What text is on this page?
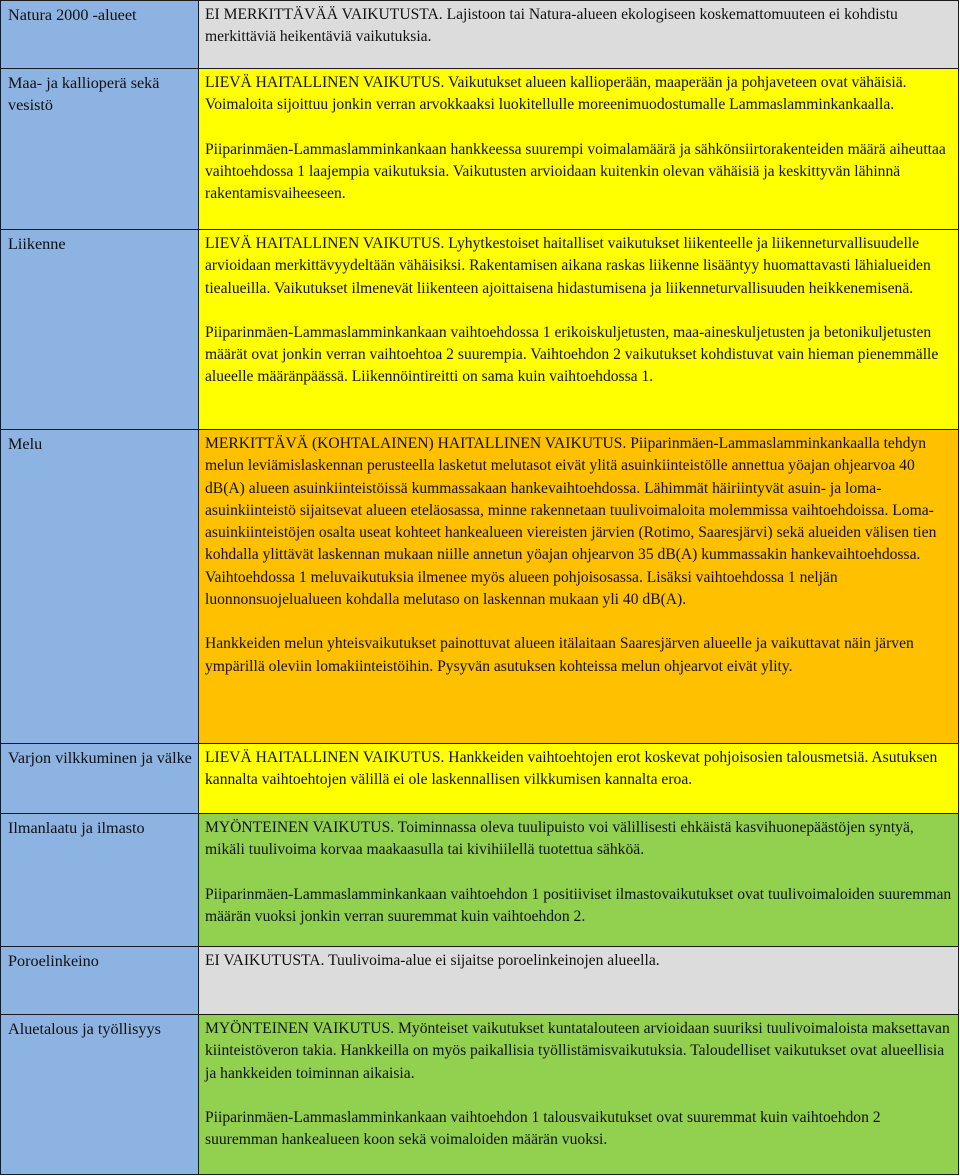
Natura 2000 -alueet	EI MERKITTÄVÄÄ VAIKUTUSTA. Lajistoon tai Natura-alueen ekologiseen koskemattomuuteen ei kohdistu merkittäviä heikentäviä vaikutuksia.

Maa- ja kallioperä sekä vesistö	LIEVÄ HAITALLINEN VAIKUTUS. Vaikutukset alueen kallioperään, maaperään ja pohjaveteen ovat vähäisiä. Voimaloita sijoittuu jonkin verran arvokkaaksi luokitellulle moreenimuodostumalle Lammaslamminkankaalla.
Piiparinmäen-Lammaslamminkankaan hankkeessa suurempi voimalamäärä ja sähkönsiirtorakenteiden määrä aiheuttaa vaihtoehdossa 1 laajempia vaikutuksia. Vaikutusten arvioidaan kuitenkin olevan vähäisiä ja keskittyvän lähinnä rakentamisvaiheeseen.

Liikenne	LIEVÄ HAITALLINEN VAIKUTUS. Lyhytkestoiset haitalliset vaikutukset liikenteelle ja liikenneturvallisuudelle arvioidaan merkittävyydeltään vähäisiksi. Rakentamisen aikana raskas liikenne lisääntyy huomattavasti lähialueiden tiealueilla. Vaikutukset ilmenevät liikenteen ajoittaisena hidastumisena ja liikenneturvallisuuden heikkenemisenä.
Piiparinmäen-Lammaslamminkankaan vaihtoehdossa 1 erikoiskuljetusten, maa-aineskuljetusten ja betonikuljetusten määrät ovat jonkin verran vaihtoehtoa 2 suurempia. Vaihtoehdon 2 vaikutukset kohdistuvat vain hieman pienemmälle alueelle määränpäässä. Liikennöintireitti on sama kuin vaihtoehdossa 1.

Melu	MERKITTÄVÄ (KOHTALAINEN) HAITALLINEN VAIKUTUS. Piiparinmäen-Lammaslamminkankaalla tehdyn melun leviämislaskennan perusteella lasketut melutasot eivät ylitä asuinkiinteistölle annettua yöajan ohjearvoa 40 dB(A) alueen asuinkiinteistöissä kummassakaan hankevaihtoehdossa. Lähimmät häiriintyvät asuin- ja loma-asuinkiinteistö sijaitsevat alueen eteläosassa, minne rakennetaan tuulivoimaloita molemmissa vaihtoehdoissa. Loma-asuinkiinteistöjen osalta useat kohteet hankealueen viereisten järvien (Rotimo, Saaresjärvi) sekä alueiden välisen tien kohdalla ylittävät laskennan mukaan niille annetun yöajan ohjearvon 35 dB(A) kummassakin hankevaihtoehdossa. Vaihtoehdossa 1 meluvaikutuksia ilmenee myös alueen pohjoisosassa. Lisäksi vaihtoehdossa 1 neljän luonnonsuojelualueen kohdalla melutaso on laskennan mukaan yli 40 dB(A).
Hankkeiden melun yhteisvaikutukset painottuvat alueen itälaitaan Saaresjärven alueelle ja vaikuttavat näin järven ympärillä oleviin lomakiinteistöihin. Pysyvän asutuksen kohteissa melun ohjearvot eivät ylity.

Varjon vilkkuminen ja välke	LIEVÄ HAITALLINEN VAIKUTUS. Hankkeiden vaihtoehtojen erot koskevat pohjoisosien talousmetsiä. Asutuksen kannalta vaihtoehtojen välillä ei ole laskennallisen vilkkumisen kannalta eroa.

Ilmanlaatu ja ilmasto	MYÖNTEINEN VAIKUTUS. Toiminnassa oleva tuulipuisto voi välillisesti ehkäistä kasvihuonepäästöjen syntyä, mikäli tuulivoima korvaa maakaasulla tai kivihiilellä tuotettua sähköä.
Piiparinmäen-Lammaslamminkankaan vaihtoehdon 1 positiiviset ilmastovaikutukset ovat tuulivoimaloiden suuremman määrän vuoksi jonkin verran suuremmat kuin vaihtoehdon 2.

Poroelinkeino	EI VAIKUTUSTA. Tuulivoima-alue ei sijaitse poroelinkeinojen alueella.

Aluetalous ja työllisyys	MYÖNTEINEN VAIKUTUS. Myönteiset vaikutukset kuntatalouteen arvioidaan suuriksi tuulivoimaloista maksettavan kiinteistöveron takia. Hankkeilla on myös paikallisia työllistämisvaikutuksia. Taloudelliset vaikutukset ovat alueellisia ja hankkeiden toiminnan aikaisia.
Piiparinmäen-Lammaslamminkankaan vaihtoehdon 1 talousvaikutukset ovat suuremmat kuin vaihtoehdon 2 suuremman hankealueen koon sekä voimaloiden määrän vuoksi.
